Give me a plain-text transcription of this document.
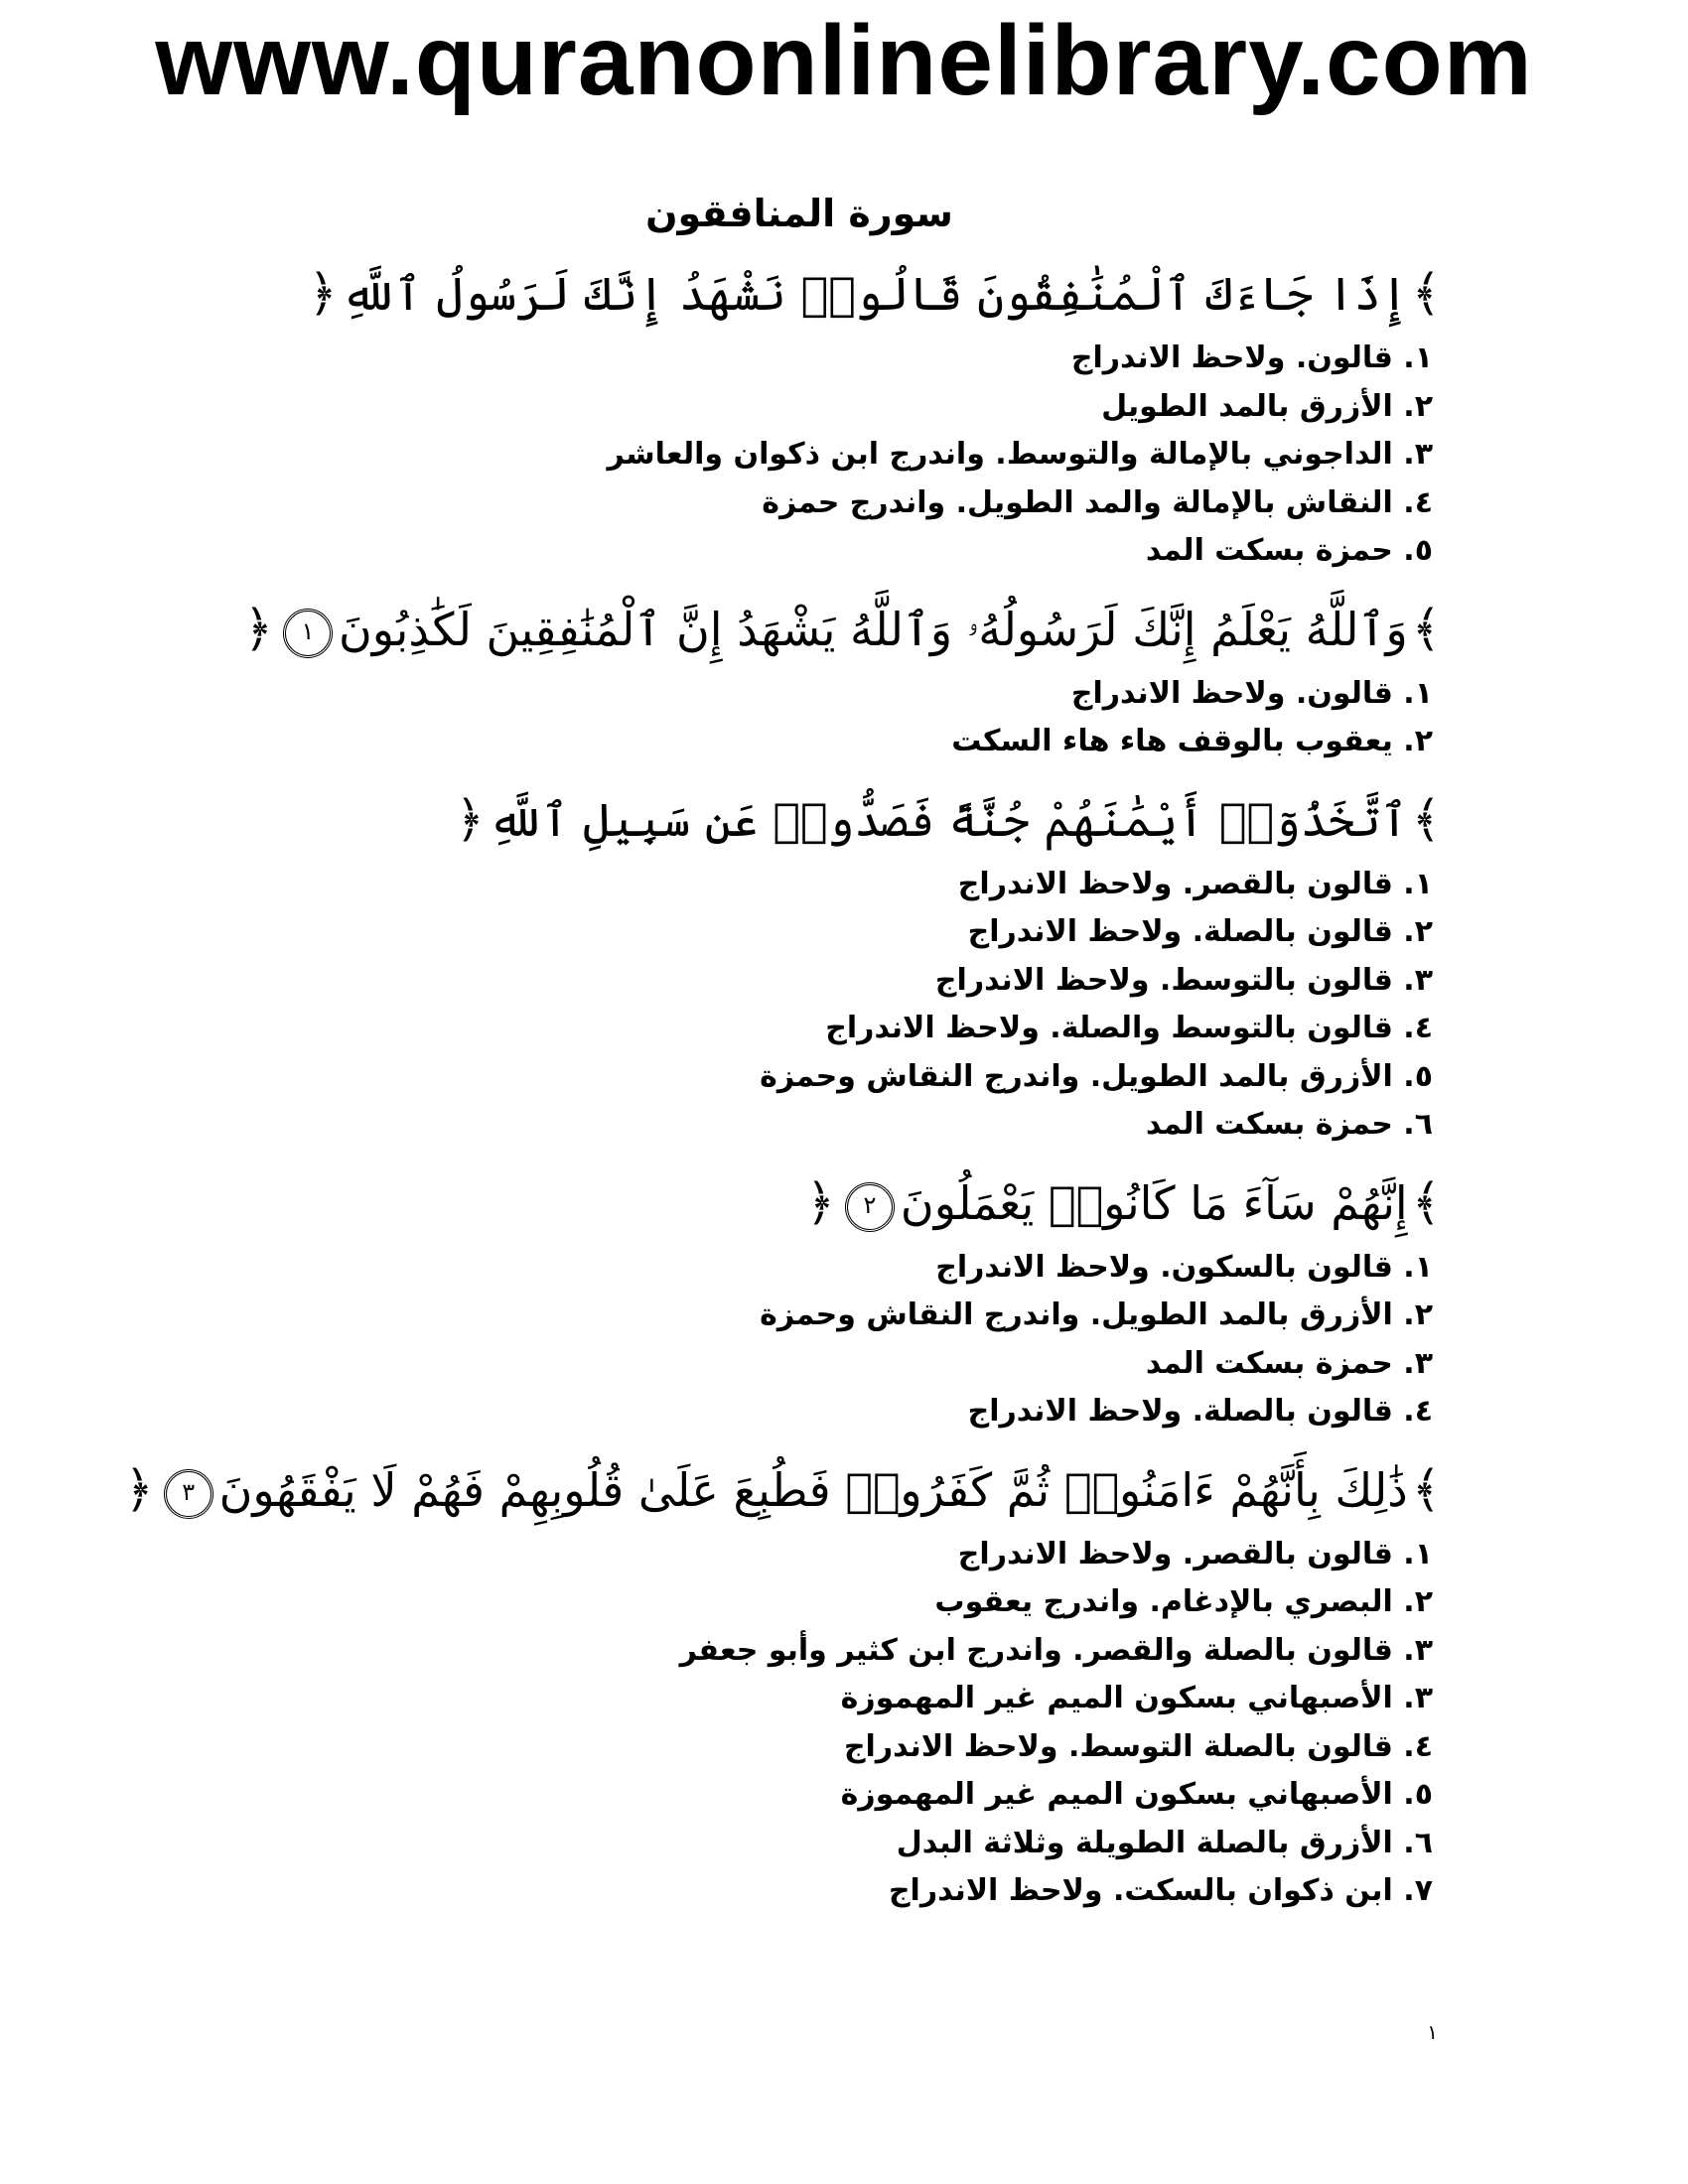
www.quranonlinelibrary.com
سورة المنافقون
﴾إِذَا جَاءَكَ ٱلْمُنَٰفِقُونَ قَالُوا۟ نَشْهَدُ إِنَّكَ لَرَسُولُ ٱللَّهِ﴿
١. قالون. ولاحظ الاندراج
٢. الأزرق بالمد الطويل
٣. الداجوني بالإمالة والتوسط. واندرج ابن ذكوان والعاشر
٤. النقاش بالإمالة والمد الطويل. واندرج حمزة
٥. حمزة بسكت المد
﴾وَٱللَّهُ يَعْلَمُ إِنَّكَ لَرَسُولُهُۥ وَٱللَّهُ يَشْهَدُ إِنَّ ٱلْمُنَٰفِقِينَ لَكَٰذِبُونَ١﴿
١. قالون. ولاحظ الاندراج
٢. يعقوب بالوقف هاء هاء السكت
﴾ٱتَّخَذُوٓا۟ أَيْمَٰنَهُمْ جُنَّةً فَصَدُّوا۟ عَن سَبِيلِ ٱللَّهِ﴿
١. قالون بالقصر. ولاحظ الاندراج
٢. قالون بالصلة. ولاحظ الاندراج
٣. قالون بالتوسط. ولاحظ الاندراج
٤. قالون بالتوسط والصلة. ولاحظ الاندراج
٥. الأزرق بالمد الطويل. واندرج النقاش وحمزة
٦. حمزة بسكت المد
﴾إِنَّهُمْ سَآءَ مَا كَانُوا۟ يَعْمَلُونَ٢﴿
١. قالون بالسكون. ولاحظ الاندراج
٢. الأزرق بالمد الطويل. واندرج النقاش وحمزة
٣. حمزة بسكت المد
٤. قالون بالصلة. ولاحظ الاندراج
﴾ذَٰلِكَ بِأَنَّهُمْ ءَامَنُوا۟ ثُمَّ كَفَرُوا۟ فَطُبِعَ عَلَىٰ قُلُوبِهِمْ فَهُمْ لَا يَفْقَهُونَ٣﴿
١. قالون بالقصر. ولاحظ الاندراج
٢. البصري بالإدغام. واندرج يعقوب
٣. قالون بالصلة والقصر. واندرج ابن كثير وأبو جعفر
٣. الأصبهاني بسكون الميم غير المهموزة
٤. قالون بالصلة التوسط. ولاحظ الاندراج
٥. الأصبهاني بسكون الميم غير المهموزة
٦. الأزرق بالصلة الطويلة وثلاثة البدل
٧. ابن ذكوان بالسكت. ولاحظ الاندراج
١
